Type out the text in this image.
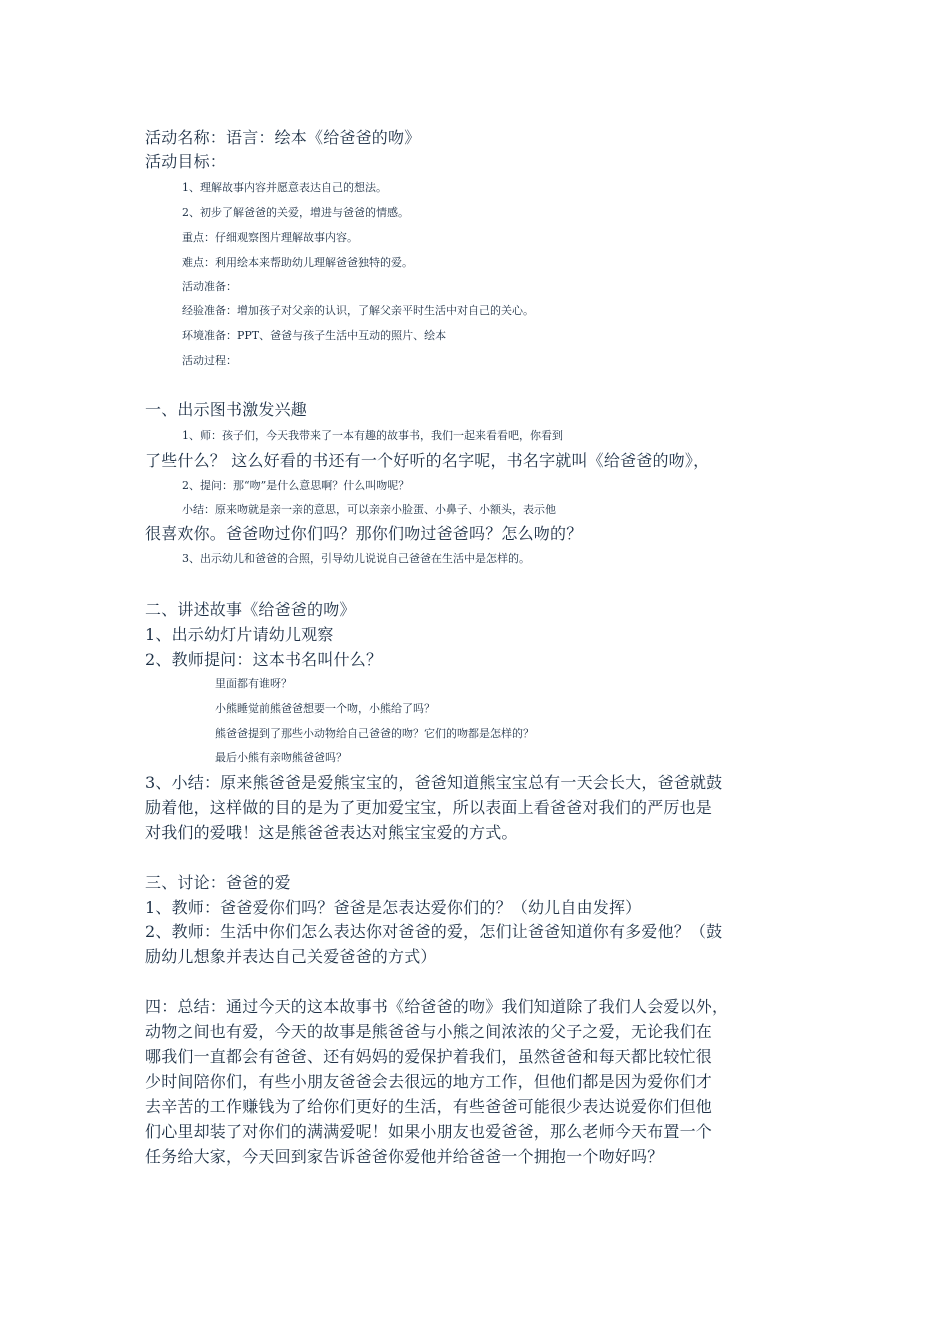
活动名称：语言：绘本《给爸爸的吻》
活动目标：
1、理解故事内容并愿意表达自己的想法。
2、初步了解爸爸的关爱，增进与爸爸的情感。
重点：仔细观察图片理解故事内容。
难点：利用绘本来帮助幼儿理解爸爸独特的爱。
活动准备：
经验准备：增加孩子对父亲的认识，了解父亲平时生活中对自己的关心。
环境准备：PPT、爸爸与孩子生活中互动的照片、绘本
活动过程：
一、出示图书激发兴趣
1、师：孩子们，今天我带来了一本有趣的故事书，我们一起来看看吧，你看到
了些什么？ 这么好看的书还有一个好听的名字呢，书名字就叫《给爸爸的吻》，
2、提问：那“吻”是什么意思啊？什么叫吻呢？
小结：原来吻就是亲一亲的意思，可以亲亲小脸蛋、小鼻子、小额头，表示他
很喜欢你。爸爸吻过你们吗？那你们吻过爸爸吗？怎么吻的？
3、出示幼儿和爸爸的合照，引导幼儿说说自己爸爸在生活中是怎样的。
二、讲述故事《给爸爸的吻》
1、出示幼灯片请幼儿观察
2、教师提问：这本书名叫什么？
里面都有谁呀？
小熊睡觉前熊爸爸想要一个吻，小熊给了吗？
熊爸爸提到了那些小动物给自己爸爸的吻？它们的吻都是怎样的？
最后小熊有亲吻熊爸爸吗？
3、小结：原来熊爸爸是爱熊宝宝的，爸爸知道熊宝宝总有一天会长大，爸爸就鼓
励着他，这样做的目的是为了更加爱宝宝，所以表面上看爸爸对我们的严厉也是
对我们的爱哦！这是熊爸爸表达对熊宝宝爱的方式。
三、讨论：爸爸的爱
1、教师：爸爸爱你们吗？爸爸是怎表达爱你们的？（幼儿自由发挥）
2、教师：生活中你们怎么表达你对爸爸的爱，怎们让爸爸知道你有多爱他？（鼓
励幼儿想象并表达自己关爱爸爸的方式）
四：总结：通过今天的这本故事书《给爸爸的吻》我们知道除了我们人会爱以外，
动物之间也有爱，今天的故事是熊爸爸与小熊之间浓浓的父子之爱，无论我们在
哪我们一直都会有爸爸、还有妈妈的爱保护着我们，虽然爸爸和每天都比较忙很
少时间陪你们，有些小朋友爸爸会去很远的地方工作，但他们都是因为爱你们才
去辛苦的工作赚钱为了给你们更好的生活，有些爸爸可能很少表达说爱你们但他
们心里却装了对你们的满满爱呢！如果小朋友也爱爸爸，那么老师今天布置一个
任务给大家，今天回到家告诉爸爸你爱他并给爸爸一个拥抱一个吻好吗？
